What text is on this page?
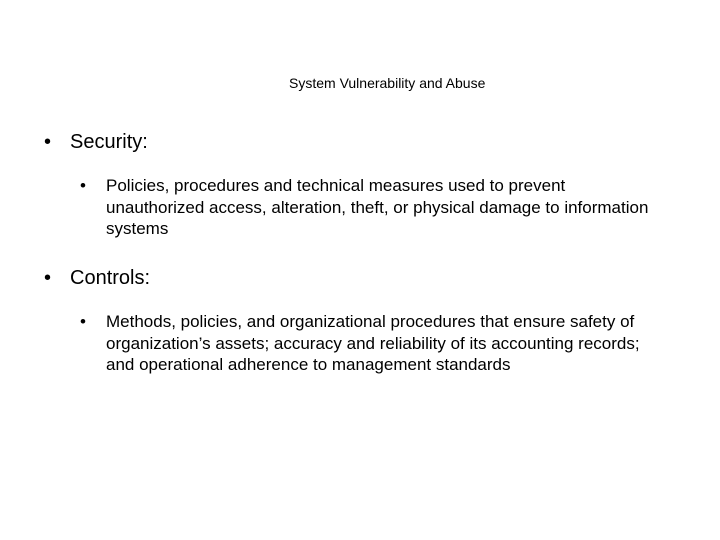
System Vulnerability and Abuse
• Security:
• Policies, procedures and technical measures used to prevent unauthorized access, alteration, theft, or physical damage to information systems
• Controls:
• Methods, policies, and organizational procedures that ensure safety of organization’s assets; accuracy and reliability of its accounting records; and operational adherence to management standards
